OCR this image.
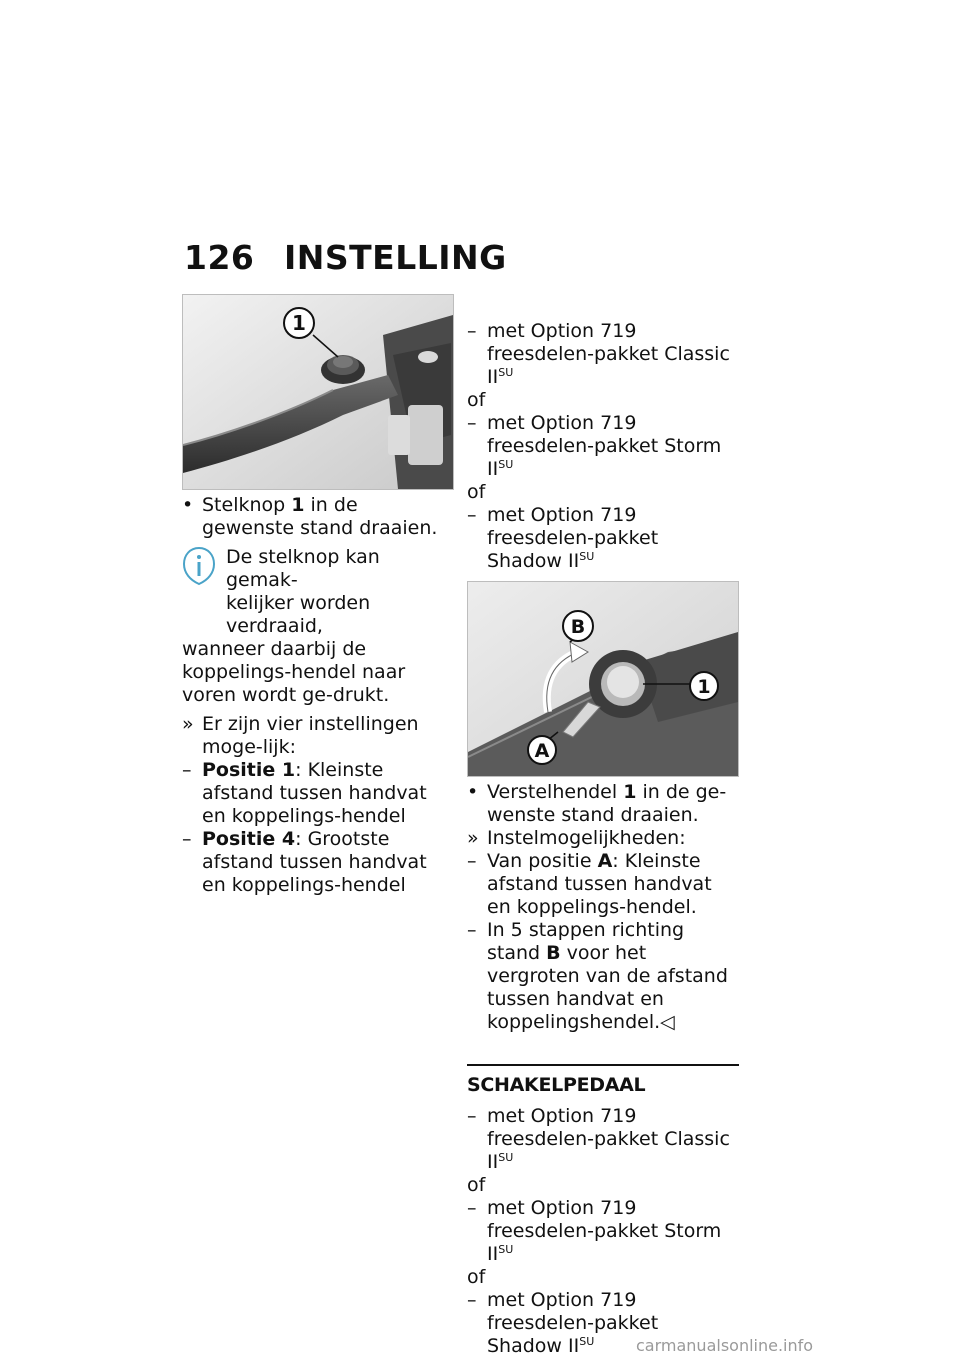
126 INSTELLING
1

• Stelknop 1 in de gewenste stand draaien.

De stelknop kan gemak-

kelijker worden verdraaid,

wanneer daarbij de koppelings-hendel naar voren wordt ge-drukt.

» Er zijn vier instellingen moge-lijk:

– Positie 1: Kleinste afstand tussen handvat en koppelings-hendel

– Positie 4: Grootste afstand tussen handvat en koppelings-hendel

– met Option 719 freesdelen-pakket Classic $II^{SU}$

of

– met Option 719 freesdelen-pakket Storm $II^{SU}$

of

– met Option 719 freesdelen-pakket Shadow $II^{SU}$

A
B
1

• Verstelhendel 1 in de ge-wenste stand draaien.

» Instelmogelijkheden:

– Van positie A: Kleinste afstand tussen handvat en koppelings-hendel.

– In 5 stappen richting stand B voor het vergroten van de afstand tussen handvat en koppelingshendel.◁

SCHAKELPEDAAL

– met Option 719 freesdelen-pakket Classic $II^{SU}$

of

– met Option 719 freesdelen-pakket Storm $II^{SU}$

of

– met Option 719 freesdelen-pakket Shadow $II^{SU}$	carmanualsonline.info
